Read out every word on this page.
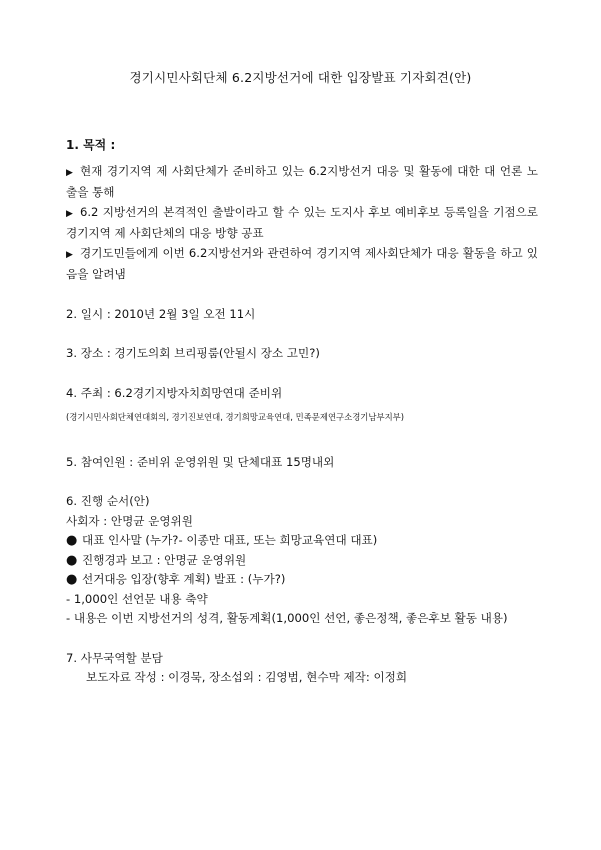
경기시민사회단체 6.2지방선거에 대한 입장발표 기자회견(안)

1. 목적 :

▶ 현재 경기지역 제 사회단체가 준비하고 있는 6.2지방선거 대응 및 활동에 대한 대 언론 노출을 통해

▶ 6.2 지방선거의 본격적인 출발이라고 할 수 있는 도지사 후보 예비후보 등록일을 기점으로 경기지역 제 사회단체의 대응 방향 공표

▶ 경기도민들에게 이번 6.2지방선거와 관련하여 경기지역 제사회단체가 대응 활동을 하고 있음을 알려냄

2. 일시 : 2010년 2월 3일 오전 11시

3. 장소 : 경기도의회 브리핑룸(안될시 장소 고민?)

4. 주최 : 6.2경기지방자치희망연대 준비위

(경기시민사회단체연대회의, 경기진보연대, 경기희망교육연대, 민족문제연구소경기남부지부)

5. 참여인원 : 준비위 운영위원 및 단체대표 15명내외

6. 진행 순서(안)

사회자 : 안명균 운영위원

● 대표 인사말 (누가?- 이종만 대표, 또는 희망교육연대 대표)

● 진행경과 보고 : 안명균 운영위원

● 선거대응 입장(향후 계획) 발표 : (누가?)

- 1,000인 선언문 내용 축약

- 내용은 이번 지방선거의 성격, 활동계획(1,000인 선언, 좋은정책, 좋은후보 활동 내용)

7. 사무국역할 분담

보도자료 작성 : 이경묵, 장소섭외 : 김영범, 현수막 제작: 이정희
